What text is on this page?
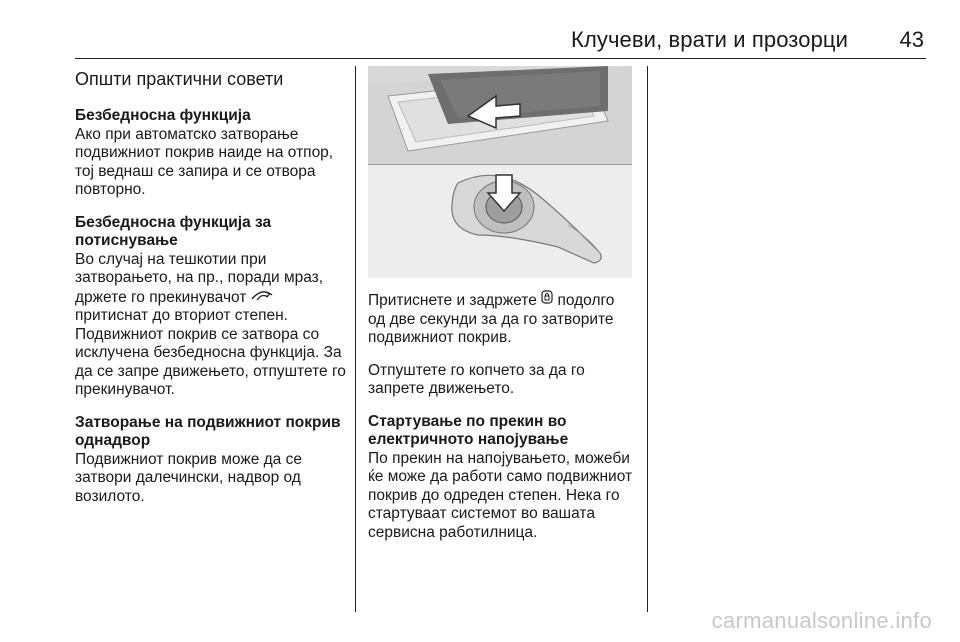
Клучеви, врати и прозорци 43

Општи практични совети

Безбедносна функција

Ако при автоматско затворање подвижниот покрив наиде на отпор, тој веднаш се запира и се отвора повторно.

Безбедносна функција за потиснување

Во случај на тешкотии при затворањето, на пр., поради мраз, држете го прекинувачот  притиснат до вториот степен. Подвижниот покрив се затвора со исклучена безбедносна функција. За да се запре движењето, отпуштете го прекинувачот.

Затворање на подвижниот покрив однадвор

Подвижниот покрив може да се затвори далечински, надвор од возилото.

Притиснете и задржете подолго од две секунди за да го затворите подвижниот покрив.

Отпуштете го копчето за да го запрете движењето.

Стартување по прекин во електричното напојување

По прекин на напојувањето, можеби ќе може да работи само подвижниот покрив до одреден степен. Нека го стартуваат системот во вашата сервисна работилница.

carmanualsonline.info
